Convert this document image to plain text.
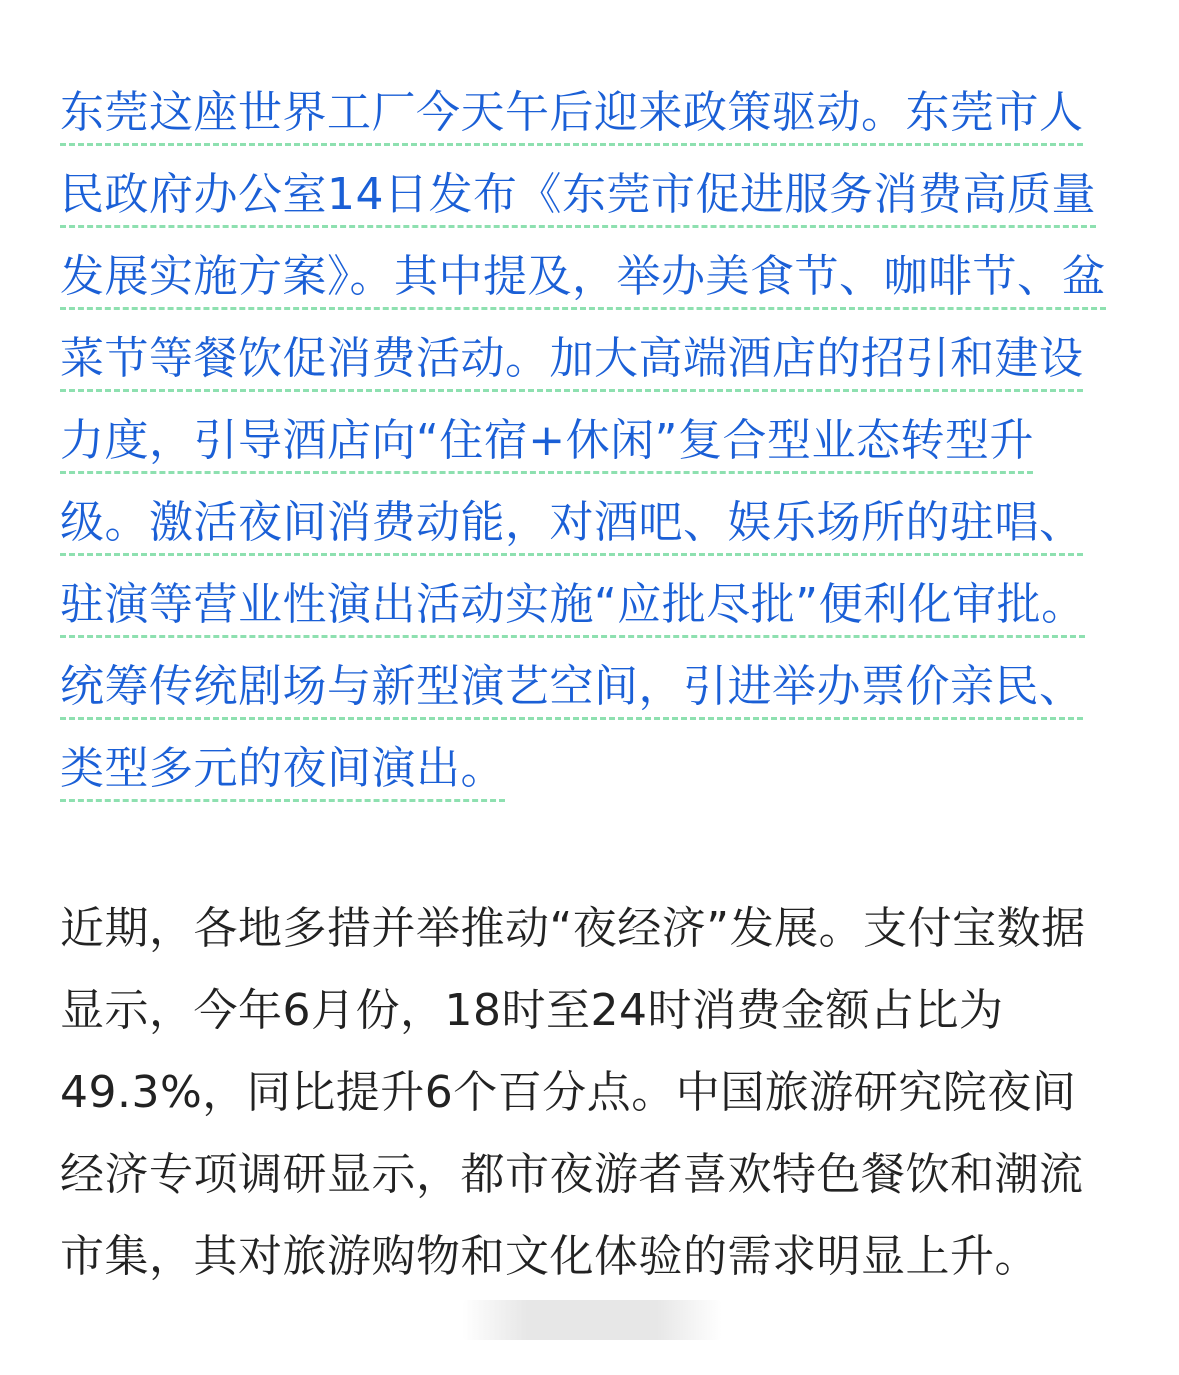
东莞这座世界工厂今天午后迎来政策驱动。东莞市人民政府办公室14日发布《东莞市促进服务消费高质量发展实施方案》。其中提及，举办美食节、咖啡节、盆菜节等餐饮促消费活动。加大高端酒店的招引和建设力度，引导酒店向“住宿+休闲”复合型业态转型升级。激活夜间消费动能，对酒吧、娱乐场所的驻唱、驻演等营业性演出活动实施“应批尽批”便利化审批。统筹传统剧场与新型演艺空间，引进举办票价亲民、类型多元的夜间演出。

近期，各地多措并举推动“夜经济”发展。支付宝数据显示，今年6月份，18时至24时消费金额占比为49.3%，同比提升6个百分点。中国旅游研究院夜间经济专项调研显示，都市夜游者喜欢特色餐饮和潮流市集，其对旅游购物和文化体验的需求明显上升。
